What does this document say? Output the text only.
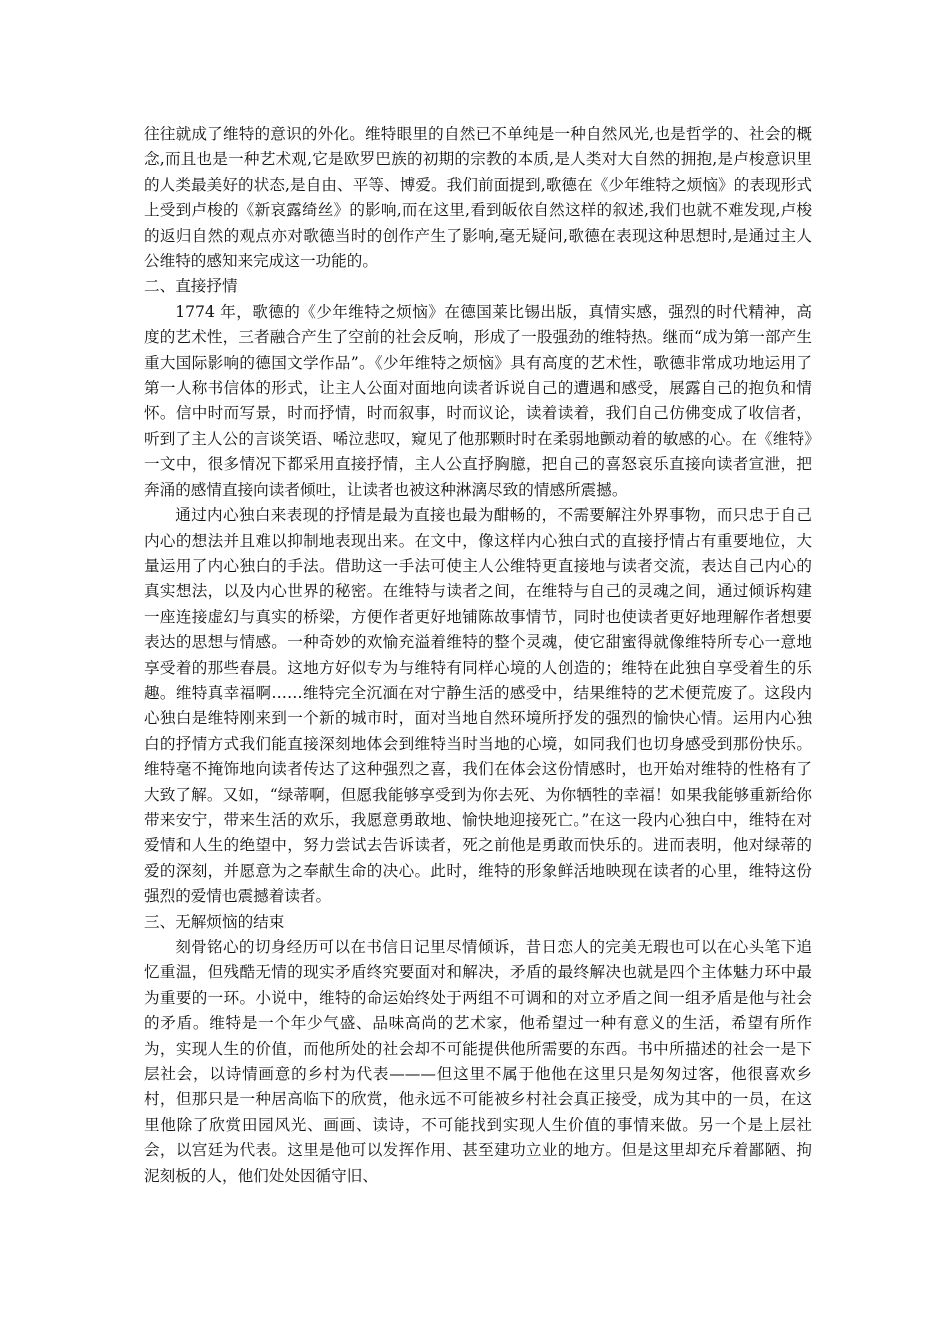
往往就成了维特的意识的外化。维特眼里的自然已不单纯是一种自然风光,也是哲学的、社会的概念,而且也是一种艺术观,它是欧罗巴族的初期的宗教的本质,是人类对大自然的拥抱,是卢梭意识里的人类最美好的状态,是自由、平等、博爱。我们前面提到,歌德在《少年维特之烦恼》的表现形式上受到卢梭的《新哀露绮丝》的影响,而在这里,看到皈依自然这样的叙述,我们也就不难发现,卢梭的返归自然的观点亦对歌德当时的创作产生了影响,毫无疑问,歌德在表现这种思想时,是通过主人公维特的感知来完成这一功能的。

二、直接抒情

1774 年，歌德的《少年维特之烦恼》在德国莱比锡出版，真情实感，强烈的时代精神，高度的艺术性，三者融合产生了空前的社会反响，形成了一股强劲的维特热。继而“成为第一部产生重大国际影响的德国文学作品”。《少年维特之烦恼》具有高度的艺术性，歌德非常成功地运用了第一人称书信体的形式，让主人公面对面地向读者诉说自己的遭遇和感受，展露自己的抱负和情怀。信中时而写景，时而抒情，时而叙事，时而议论，读着读着，我们自己仿佛变成了收信者，听到了主人公的言谈笑语、唏泣悲叹，窥见了他那颗时时在柔弱地颤动着的敏感的心。在《维特》一文中，很多情况下都采用直接抒情，主人公直抒胸臆，把自己的喜怒哀乐直接向读者宣泄，把奔涌的感情直接向读者倾吐，让读者也被这种淋漓尽致的情感所震撼。

通过内心独白来表现的抒情是最为直接也最为酣畅的，不需要解注外界事物，而只忠于自己内心的想法并且难以抑制地表现出来。在文中，像这样内心独白式的直接抒情占有重要地位，大量运用了内心独白的手法。借助这一手法可使主人公维特更直接地与读者交流，表达自己内心的真实想法，以及内心世界的秘密。在维特与读者之间，在维特与自己的灵魂之间，通过倾诉构建一座连接虚幻与真实的桥梁，方便作者更好地铺陈故事情节，同时也使读者更好地理解作者想要表达的思想与情感。一种奇妙的欢愉充溢着维特的整个灵魂，使它甜蜜得就像维特所专心一意地享受着的那些春晨。这地方好似专为与维特有同样心境的人创造的；维特在此独自享受着生的乐趣。维特真幸福啊……维特完全沉湎在对宁静生活的感受中，结果维特的艺术便荒废了。这段内心独白是维特刚来到一个新的城市时，面对当地自然环境所抒发的强烈的愉快心情。运用内心独白的抒情方式我们能直接深刻地体会到维特当时当地的心境，如同我们也切身感受到那份快乐。维特毫不掩饰地向读者传达了这种强烈之喜，我们在体会这份情感时，也开始对维特的性格有了大致了解。又如，“绿蒂啊，但愿我能够享受到为你去死、为你牺牲的幸福！如果我能够重新给你带来安宁，带来生活的欢乐，我愿意勇敢地、愉快地迎接死亡。”在这一段内心独白中，维特在对爱情和人生的绝望中，努力尝试去告诉读者，死之前他是勇敢而快乐的。进而表明，他对绿蒂的爱的深刻，并愿意为之奉献生命的决心。此时，维特的形象鲜活地映现在读者的心里，维特这份强烈的爱情也震撼着读者。

三、无解烦恼的结束

刻骨铭心的切身经历可以在书信日记里尽情倾诉，昔日恋人的完美无瑕也可以在心头笔下追忆重温，但残酷无情的现实矛盾终究要面对和解决，矛盾的最终解决也就是四个主体魅力环中最为重要的一环。小说中，维特的命运始终处于两组不可调和的对立矛盾之间一组矛盾是他与社会的矛盾。维特是一个年少气盛、品味高尚的艺术家，他希望过一种有意义的生活，希望有所作为，实现人生的价值，而他所处的社会却不可能提供他所需要的东西。书中所描述的社会一是下层社会，以诗情画意的乡村为代表———但这里不属于他他在这里只是匆匆过客，他很喜欢乡村，但那只是一种居高临下的欣赏，他永远不可能被乡村社会真正接受，成为其中的一员，在这里他除了欣赏田园风光、画画、读诗，不可能找到实现人生价值的事情来做。另一个是上层社会，以宫廷为代表。这里是他可以发挥作用、甚至建功立业的地方。但是这里却充斥着鄙陋、拘泥刻板的人，他们处处因循守旧、
